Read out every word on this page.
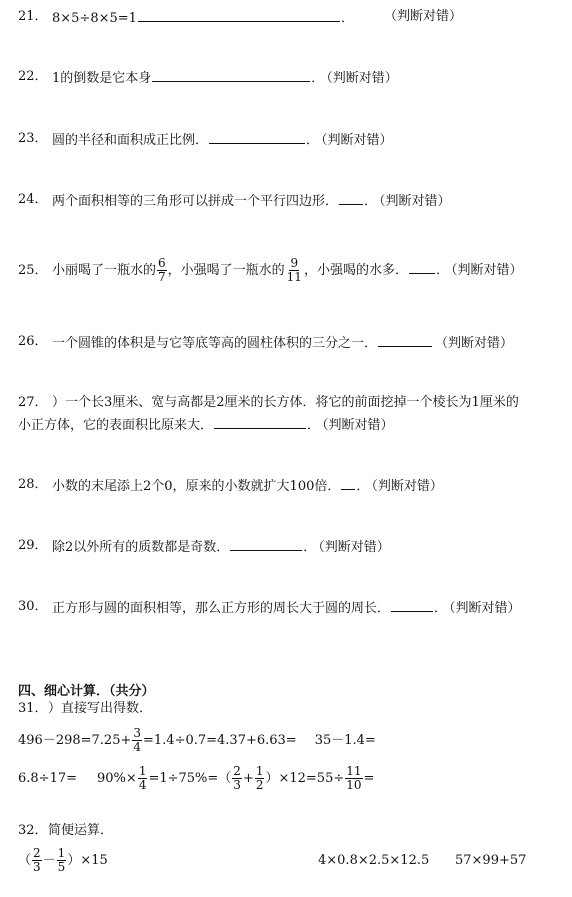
21． 8×5÷8×5=1	． （判断对错）
22． 1的倒数是它本身	． （判断对错）
23． 圆的半径和面积成正比例．	． （判断对错）
24． 两个面积相等的三角形可以拼成一个平行四边形． ． （判断对错）
25． 小丽喝了一瓶水的 $\frac{6}{7}$ ，小强喝了一瓶水的 $\frac{9}{11}$ ，小强喝的水多． ． （判断对错）
26． 一个圆锥的体积是与它等底等高的圆柱体积的三分之一．	（判断对错）
27． ）一个长3厘米、宽与高都是2厘米的长方体．将它的前面挖掉一个棱长为1厘米的
小正方体，它的表面积比原来大．	． （判断对错）
28． 小数的末尾添上2个0，原来的小数就扩大100倍． ． （判断对错）
29． 除2以外所有的质数都是奇数．	． （判断对错）
30． 正方形与圆的面积相等，那么正方形的周长大于圆的周长．	． （判断对错）
四、细心计算．（共分）
31． ）直接写出得数．
$496-298=7.25+ \frac{3}{4} =1.4\div 0.7=4.37+6.63= 35-1.4=$
$6.8\div 17= 90\%\times \frac{1}{4} =1\div 75\%=( \frac{2}{3} + \frac{1}{2} )\times 12=55\div \frac{11}{10}$ =
32． 简便运算．
（ $\frac{2}{3} - \frac{1}{5} )\times 15$	4×0.8×2.5×12.5 57×99+57
